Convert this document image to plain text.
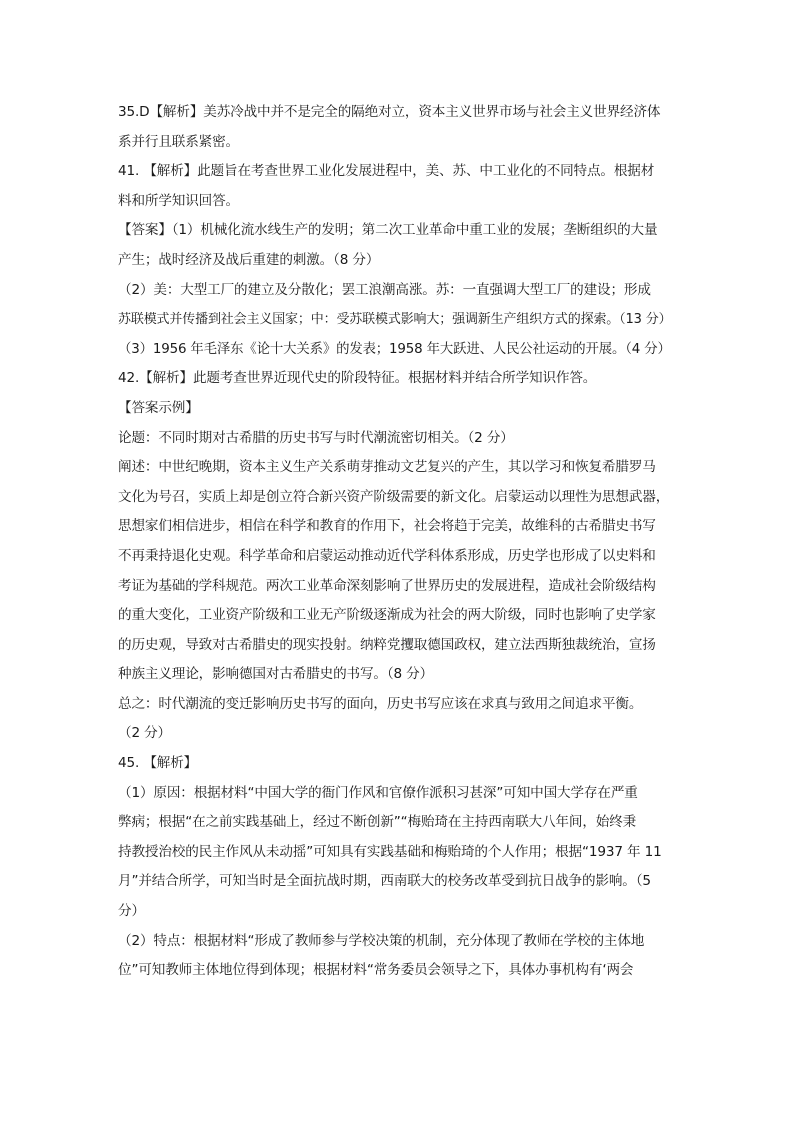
35.D【解析】美苏冷战中并不是完全的隔绝对立，资本主义世界市场与社会主义世界经济体
系并行且联系紧密。
41. 【解析】此题旨在考查世界工业化发展进程中，美、苏、中工业化的不同特点。根据材
料和所学知识回答。
【答案】（1）机械化流水线生产的发明；第二次工业革命中重工业的发展；垄断组织的大量
产生；战时经济及战后重建的刺激。（8 分）
（2）美：大型工厂的建立及分散化；罢工浪潮高涨。苏：一直强调大型工厂的建设；形成
苏联模式并传播到社会主义国家；中：受苏联模式影响大；强调新生产组织方式的探索。（13 分）
（3）1956 年毛泽东《论十大关系》的发表；1958 年大跃进、人民公社运动的开展。（4 分）
42.【解析】此题考查世界近现代史的阶段特征。根据材料并结合所学知识作答。
【答案示例】
论题：不同时期对古希腊的历史书写与时代潮流密切相关。（2 分）
阐述：中世纪晚期，资本主义生产关系萌芽推动文艺复兴的产生，其以学习和恢复希腊罗马
文化为号召，实质上却是创立符合新兴资产阶级需要的新文化。启蒙运动以理性为思想武器，
思想家们相信进步，相信在科学和教育的作用下，社会将趋于完美，故维科的古希腊史书写
不再秉持退化史观。科学革命和启蒙运动推动近代学科体系形成，历史学也形成了以史料和
考证为基础的学科规范。两次工业革命深刻影响了世界历史的发展进程，造成社会阶级结构
的重大变化，工业资产阶级和工业无产阶级逐渐成为社会的两大阶级，同时也影响了史学家
的历史观，导致对古希腊史的现实投射。纳粹党攫取德国政权，建立法西斯独裁统治，宣扬
种族主义理论，影响德国对古希腊史的书写。（8 分）
总之：时代潮流的变迁影响历史书写的面向，历史书写应该在求真与致用之间追求平衡。
（2 分）
45. 【解析】
（1）原因：根据材料“中国大学的衙门作风和官僚作派积习甚深”可知中国大学存在严重
弊病；根据“在之前实践基础上，经过不断创新”“梅贻琦在主持西南联大八年间，始终秉
持教授治校的民主作风从未动摇”可知具有实践基础和梅贻琦的个人作用；根据“1937 年 11
月”并结合所学，可知当时是全面抗战时期，西南联大的校务改革受到抗日战争的影响。（5
分）
（2）特点：根据材料“形成了教师参与学校决策的机制，充分体现了教师在学校的主体地
位”可知教师主体地位得到体现；根据材料“常务委员会领导之下，具体办事机构有‘两会
